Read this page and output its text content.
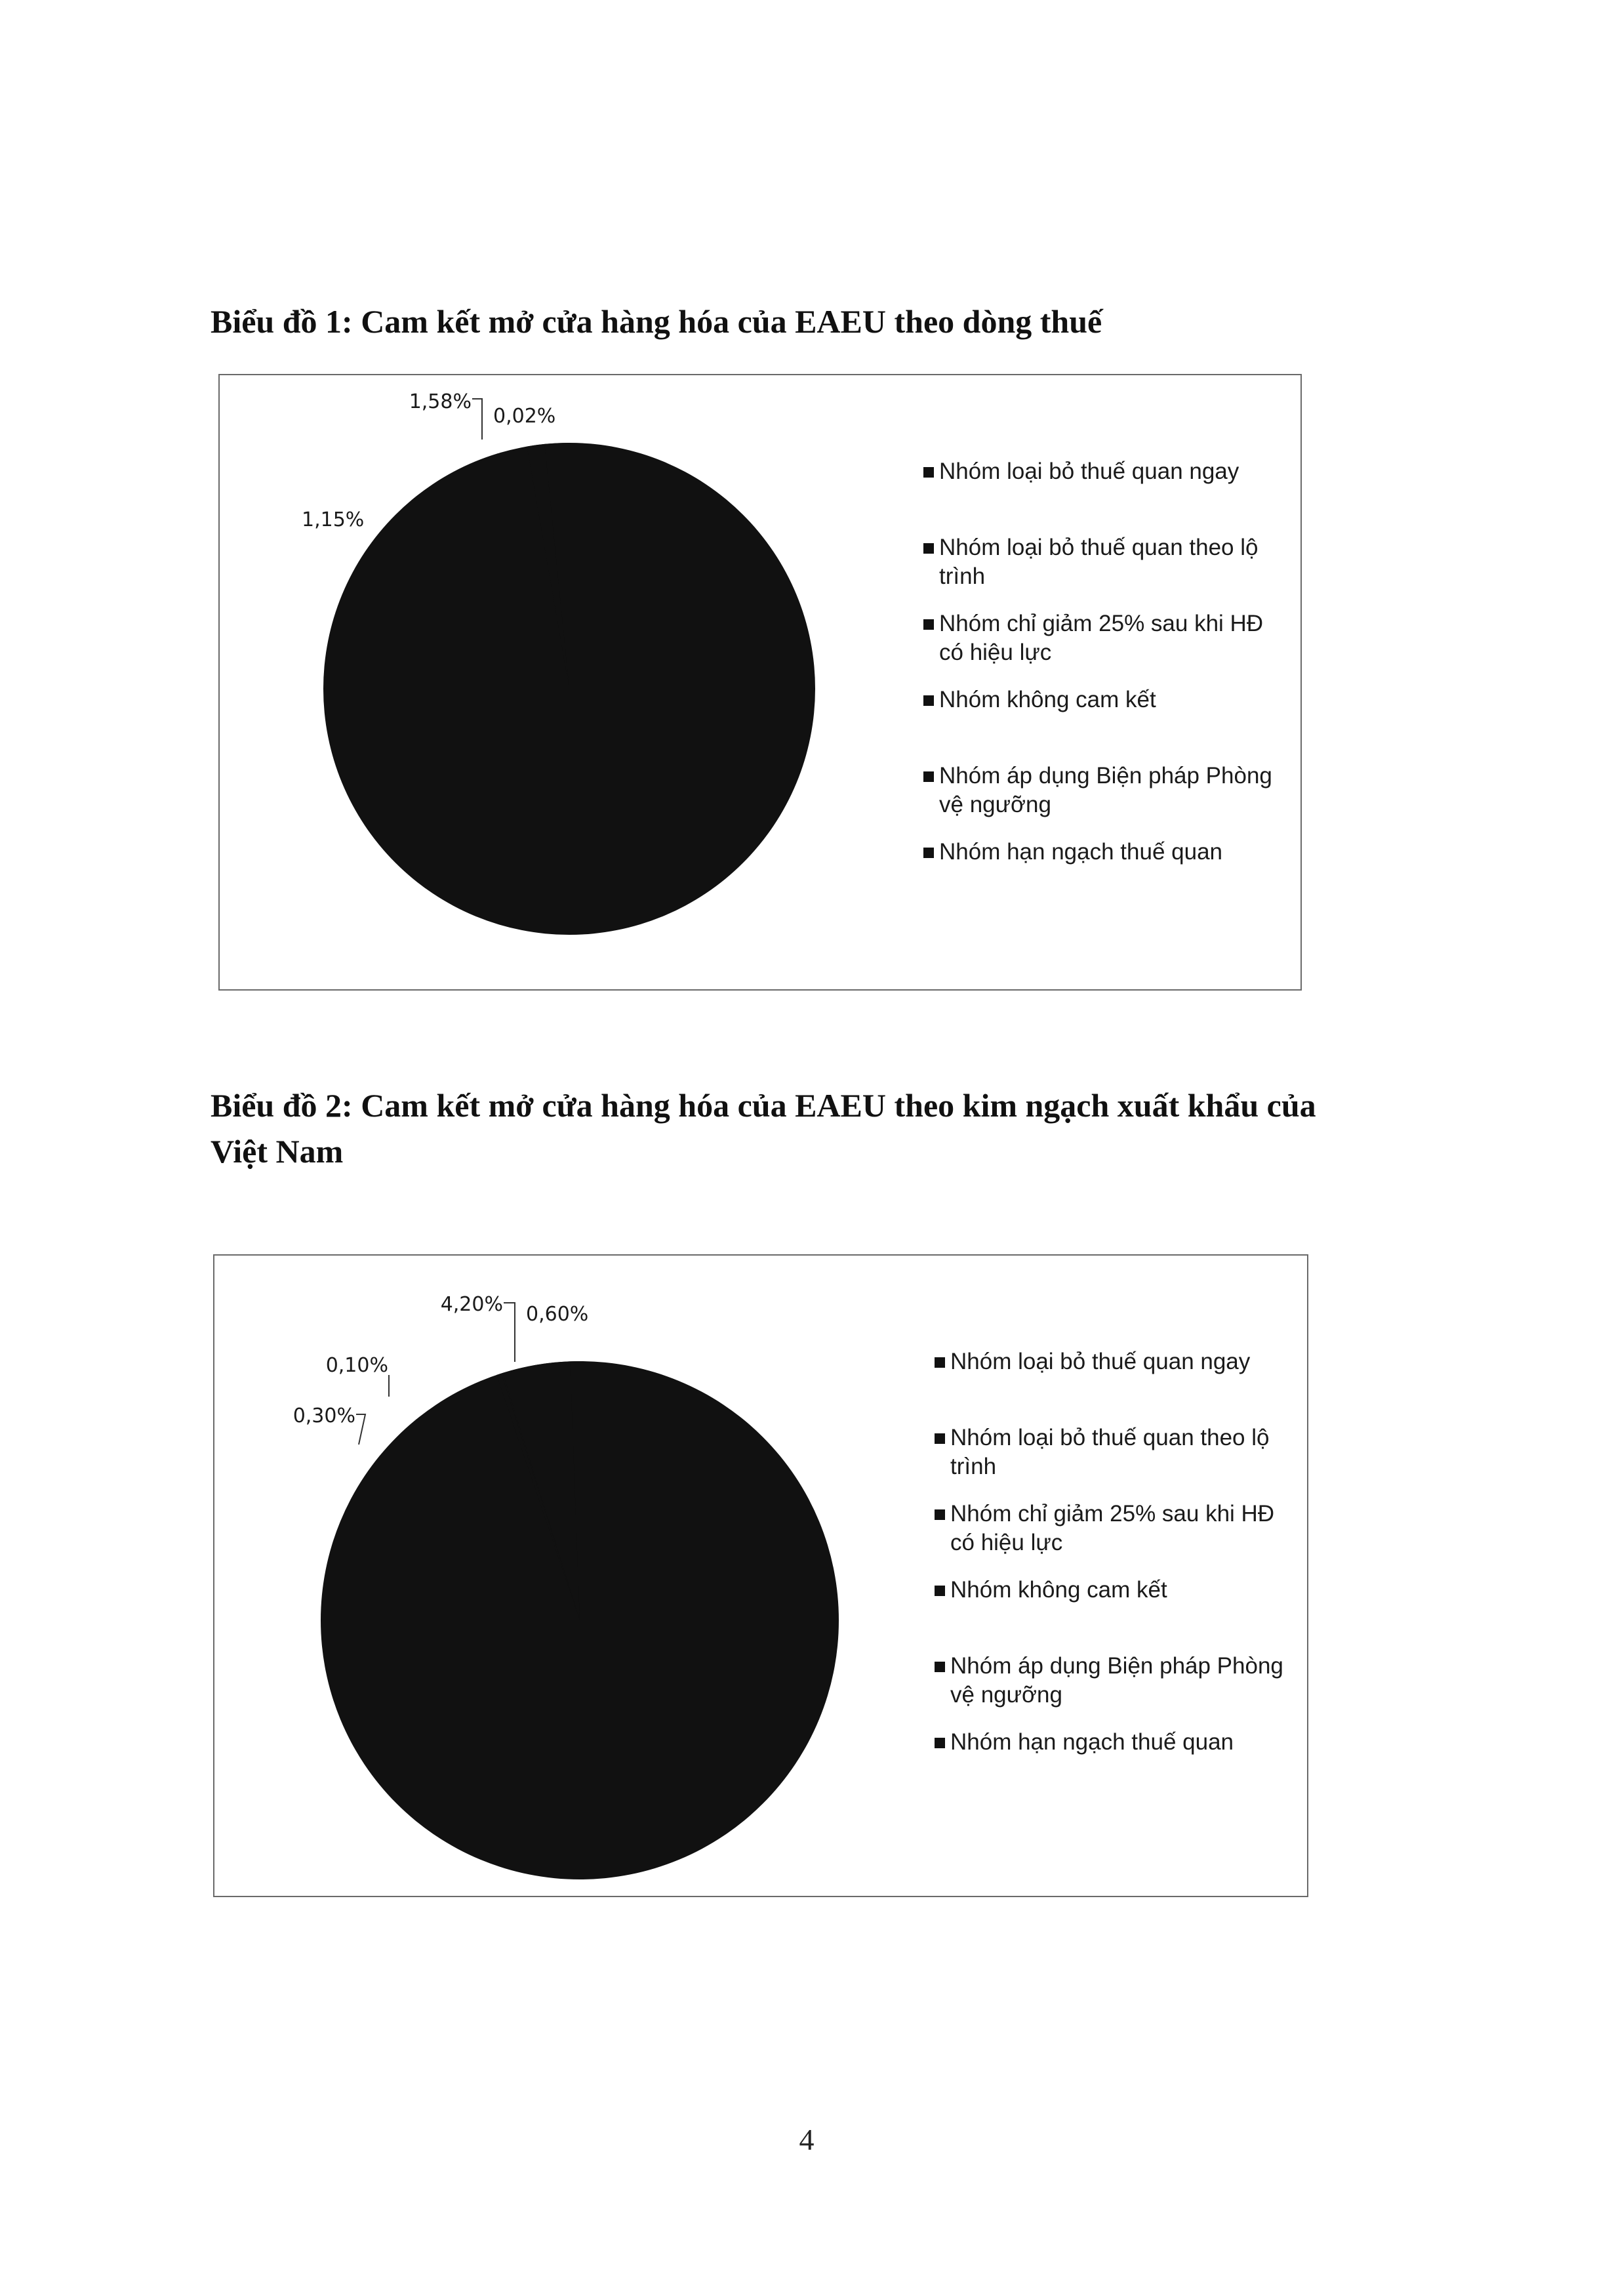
Biểu đồ 1: Cam kết mở cửa hàng hóa của EAEU theo dòng thuế
1,15%
1,58%
0,02%
Nhóm loại bỏ thuế quan ngay
Nhóm loại bỏ thuế quan theo lộ trình
Nhóm chỉ giảm 25% sau khi HĐ có hiệu lực
Nhóm không cam kết
Nhóm áp dụng Biện pháp Phòng vệ ngưỡng
Nhóm hạn ngạch thuế quan
Biểu đồ 2: Cam kết mở cửa hàng hóa của EAEU theo kim ngạch xuất khẩu của Việt Nam
0,10%
0,30%
4,20% 0,60%
Nhóm loại bỏ thuế quan ngay
Nhóm loại bỏ thuế quan theo lộ trình
Nhóm chỉ giảm 25% sau khi HĐ có hiệu lực
Nhóm không cam kết
Nhóm áp dụng Biện pháp Phòng vệ ngưỡng
Nhóm hạn ngạch thuế quan

4
